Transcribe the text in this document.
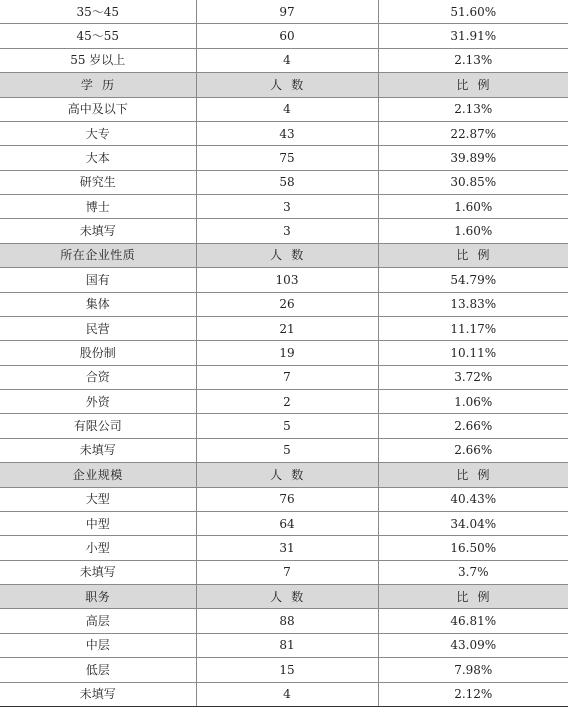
35～45	97	51.60%
45～55	60	31.91%
55 岁以上	4	2.13%
学  历	人  数	比  例
高中及以下	4	2.13%
大专	43	22.87%
大本	75	39.89%
研究生	58	30.85%
博士	3	1.60%
未填写	3	1.60%
所在企业性质	人  数	比  例
国有	103	54.79%
集体	26	13.83%
民营	21	11.17%
股份制	19	10.11%
合资	7	3.72%
外资	2	1.06%
有限公司	5	2.66%
未填写	5	2.66%
企业规模	人  数	比  例
大型	76	40.43%
中型	64	34.04%
小型	31	16.50%
未填写	7	3.7%
职务	人  数	比  例
高层	88	46.81%
中层	81	43.09%
低层	15	7.98%
未填写	4	2.12%
